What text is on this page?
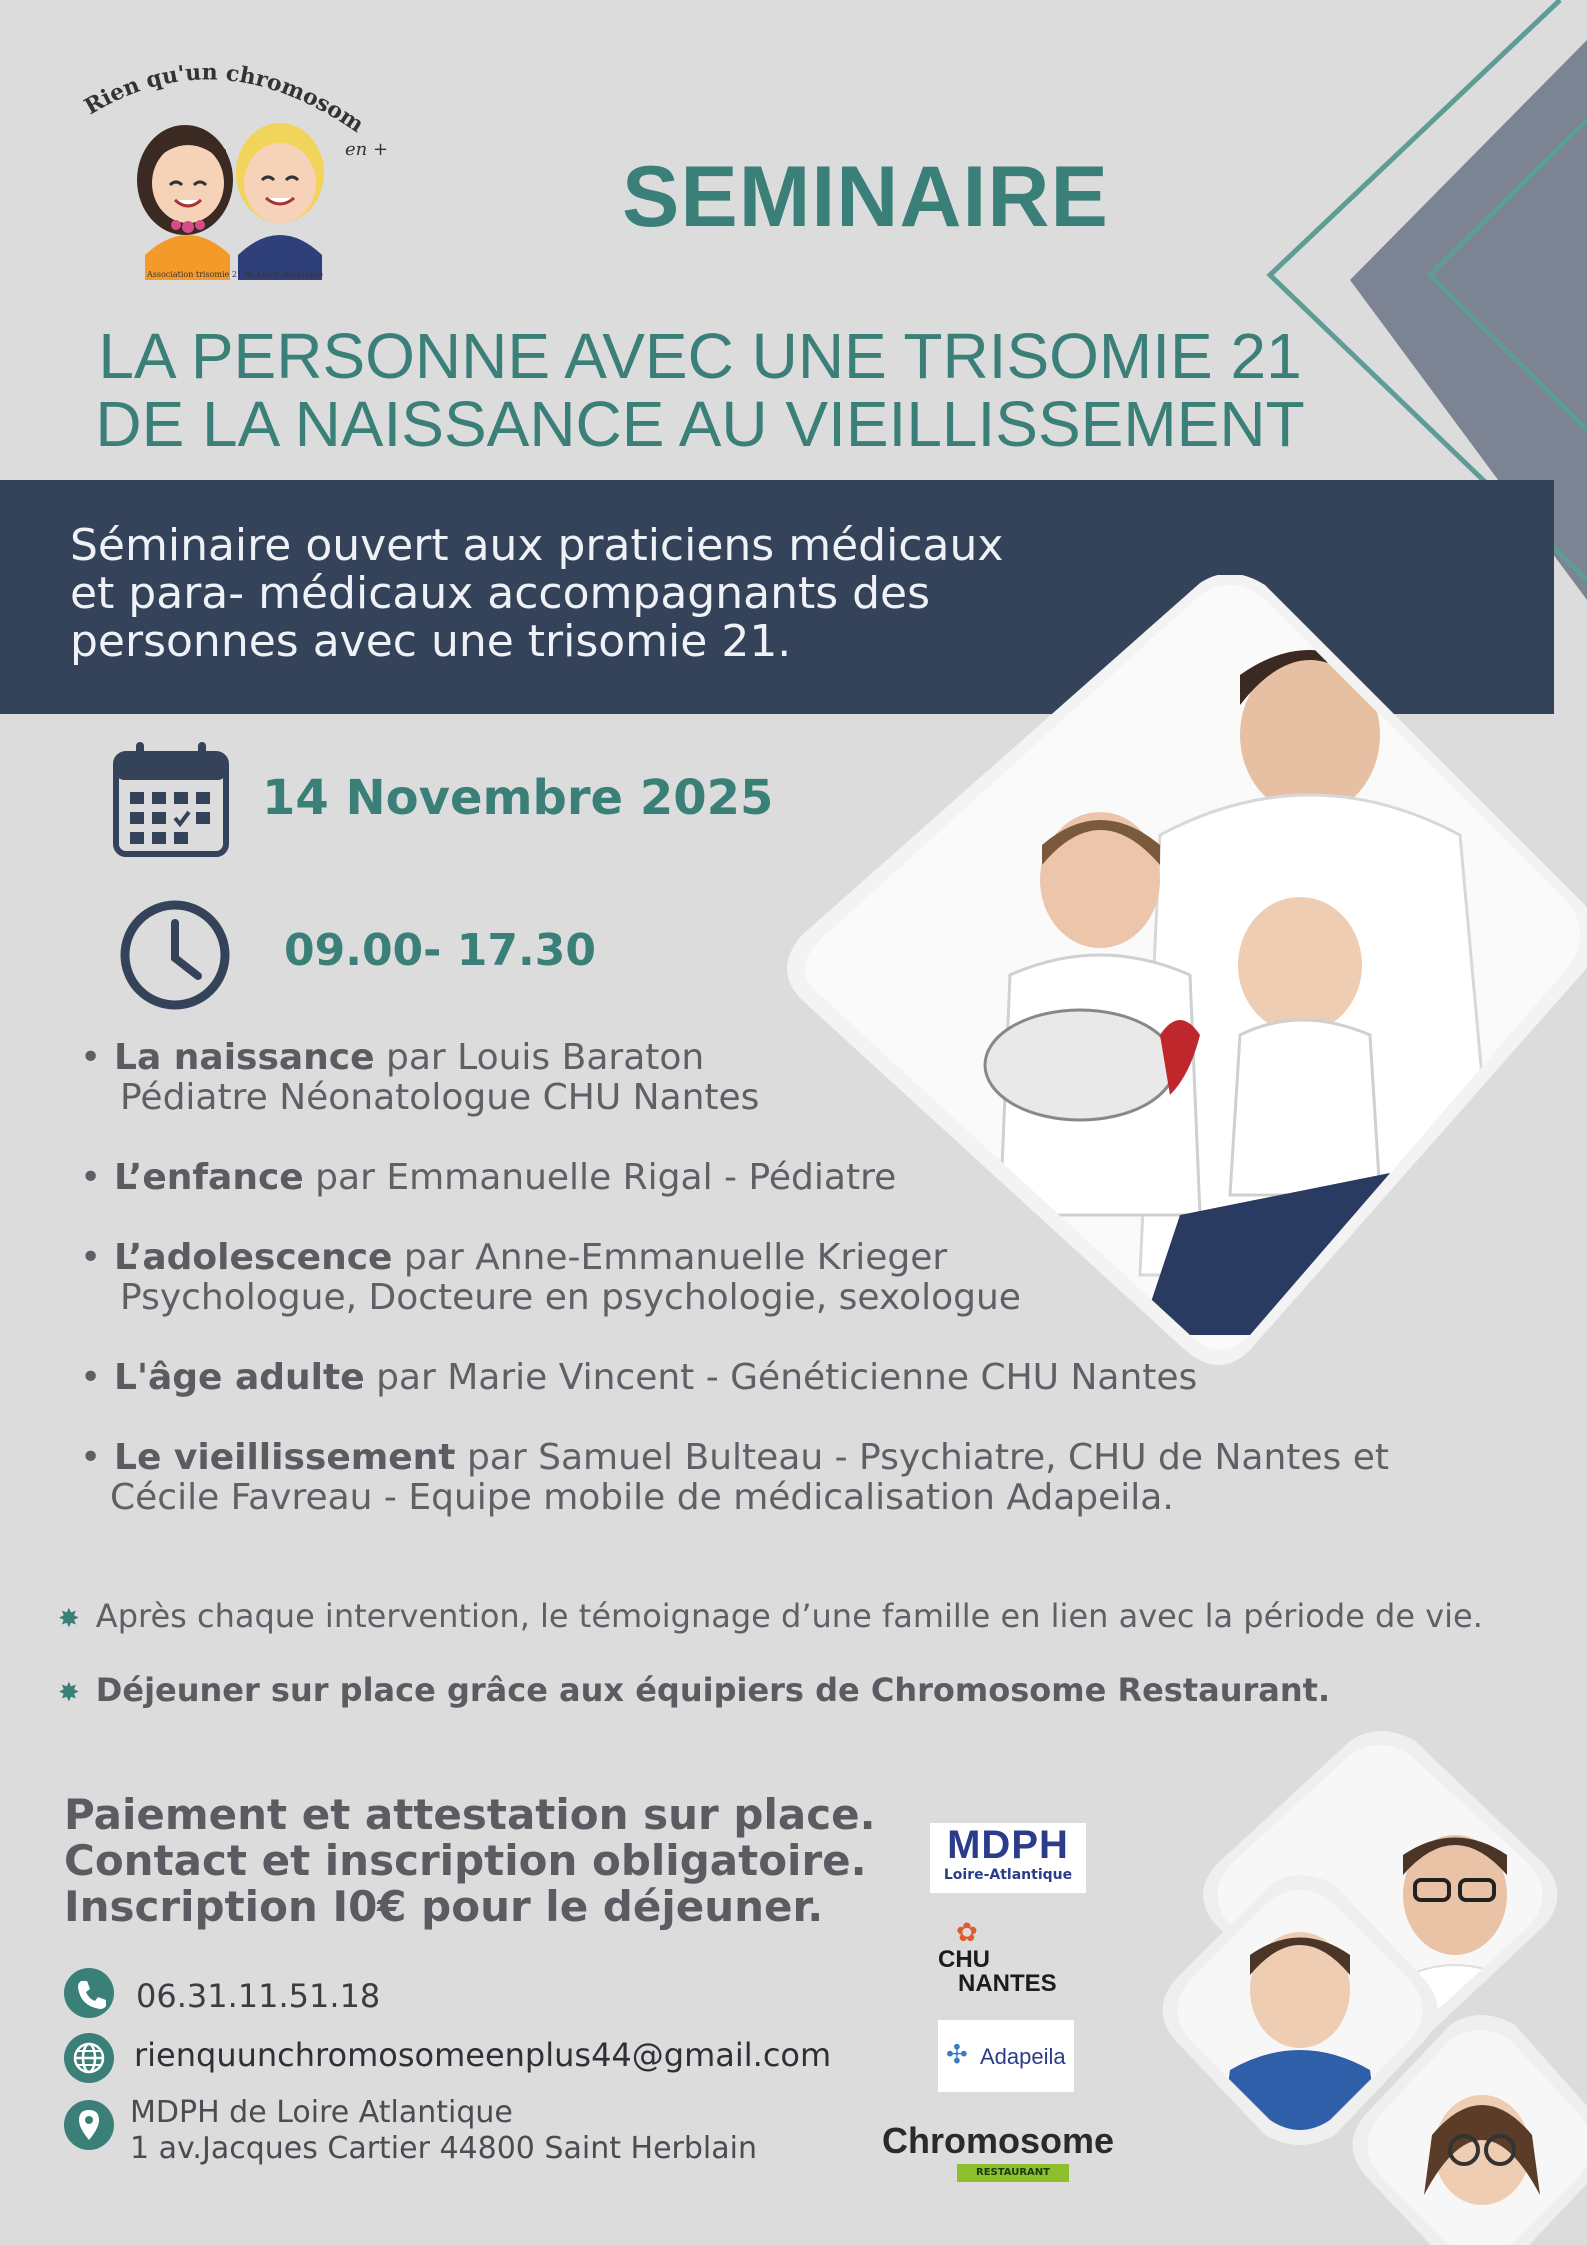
Rien qu'un chromosom
en +
Association trisomie 21 de Loire-Atlantique
SEMINAIRE
LA PERSONNE AVEC UNE TRISOMIE 21
DE LA NAISSANCE AU VIEILLISSEMENT
Séminaire ouvert aux praticiens médicaux
et para- médicaux accompagnants des
personnes avec une trisomie 21.
14 Novembre 2025
09.00- 17.30
• La naissance par Louis Baraton
Pédiatre Néonatologue CHU Nantes
• L’enfance par Emmanuelle Rigal - Pédiatre
• L’adolescence par Anne-Emmanuelle Krieger
Psychologue, Docteure en psychologie, sexologue
• L'âge adulte par Marie Vincent - Généticienne CHU Nantes
• Le vieillissement par Samuel Bulteau - Psychiatre, CHU de Nantes et
Cécile Favreau - Equipe mobile de médicalisation Adapeila.
✸ Après chaque intervention, le témoignage d’une famille en lien avec la période de vie.
✸ Déjeuner sur place grâce aux équipiers de Chromosome Restaurant.
Paiement et attestation sur place.
Contact et inscription obligatoire.
Inscription I0€ pour le déjeuner.
06.31.11.51.18
rienquunchromosomeenplus44@gmail.com
MDPH de Loire Atlantique
1 av.Jacques Cartier 44800 Saint Herblain
MDPH
Loire-Atlantique
✿
CHU
NANTES
✣ Adapeila
Chromosome
RESTAURANT
